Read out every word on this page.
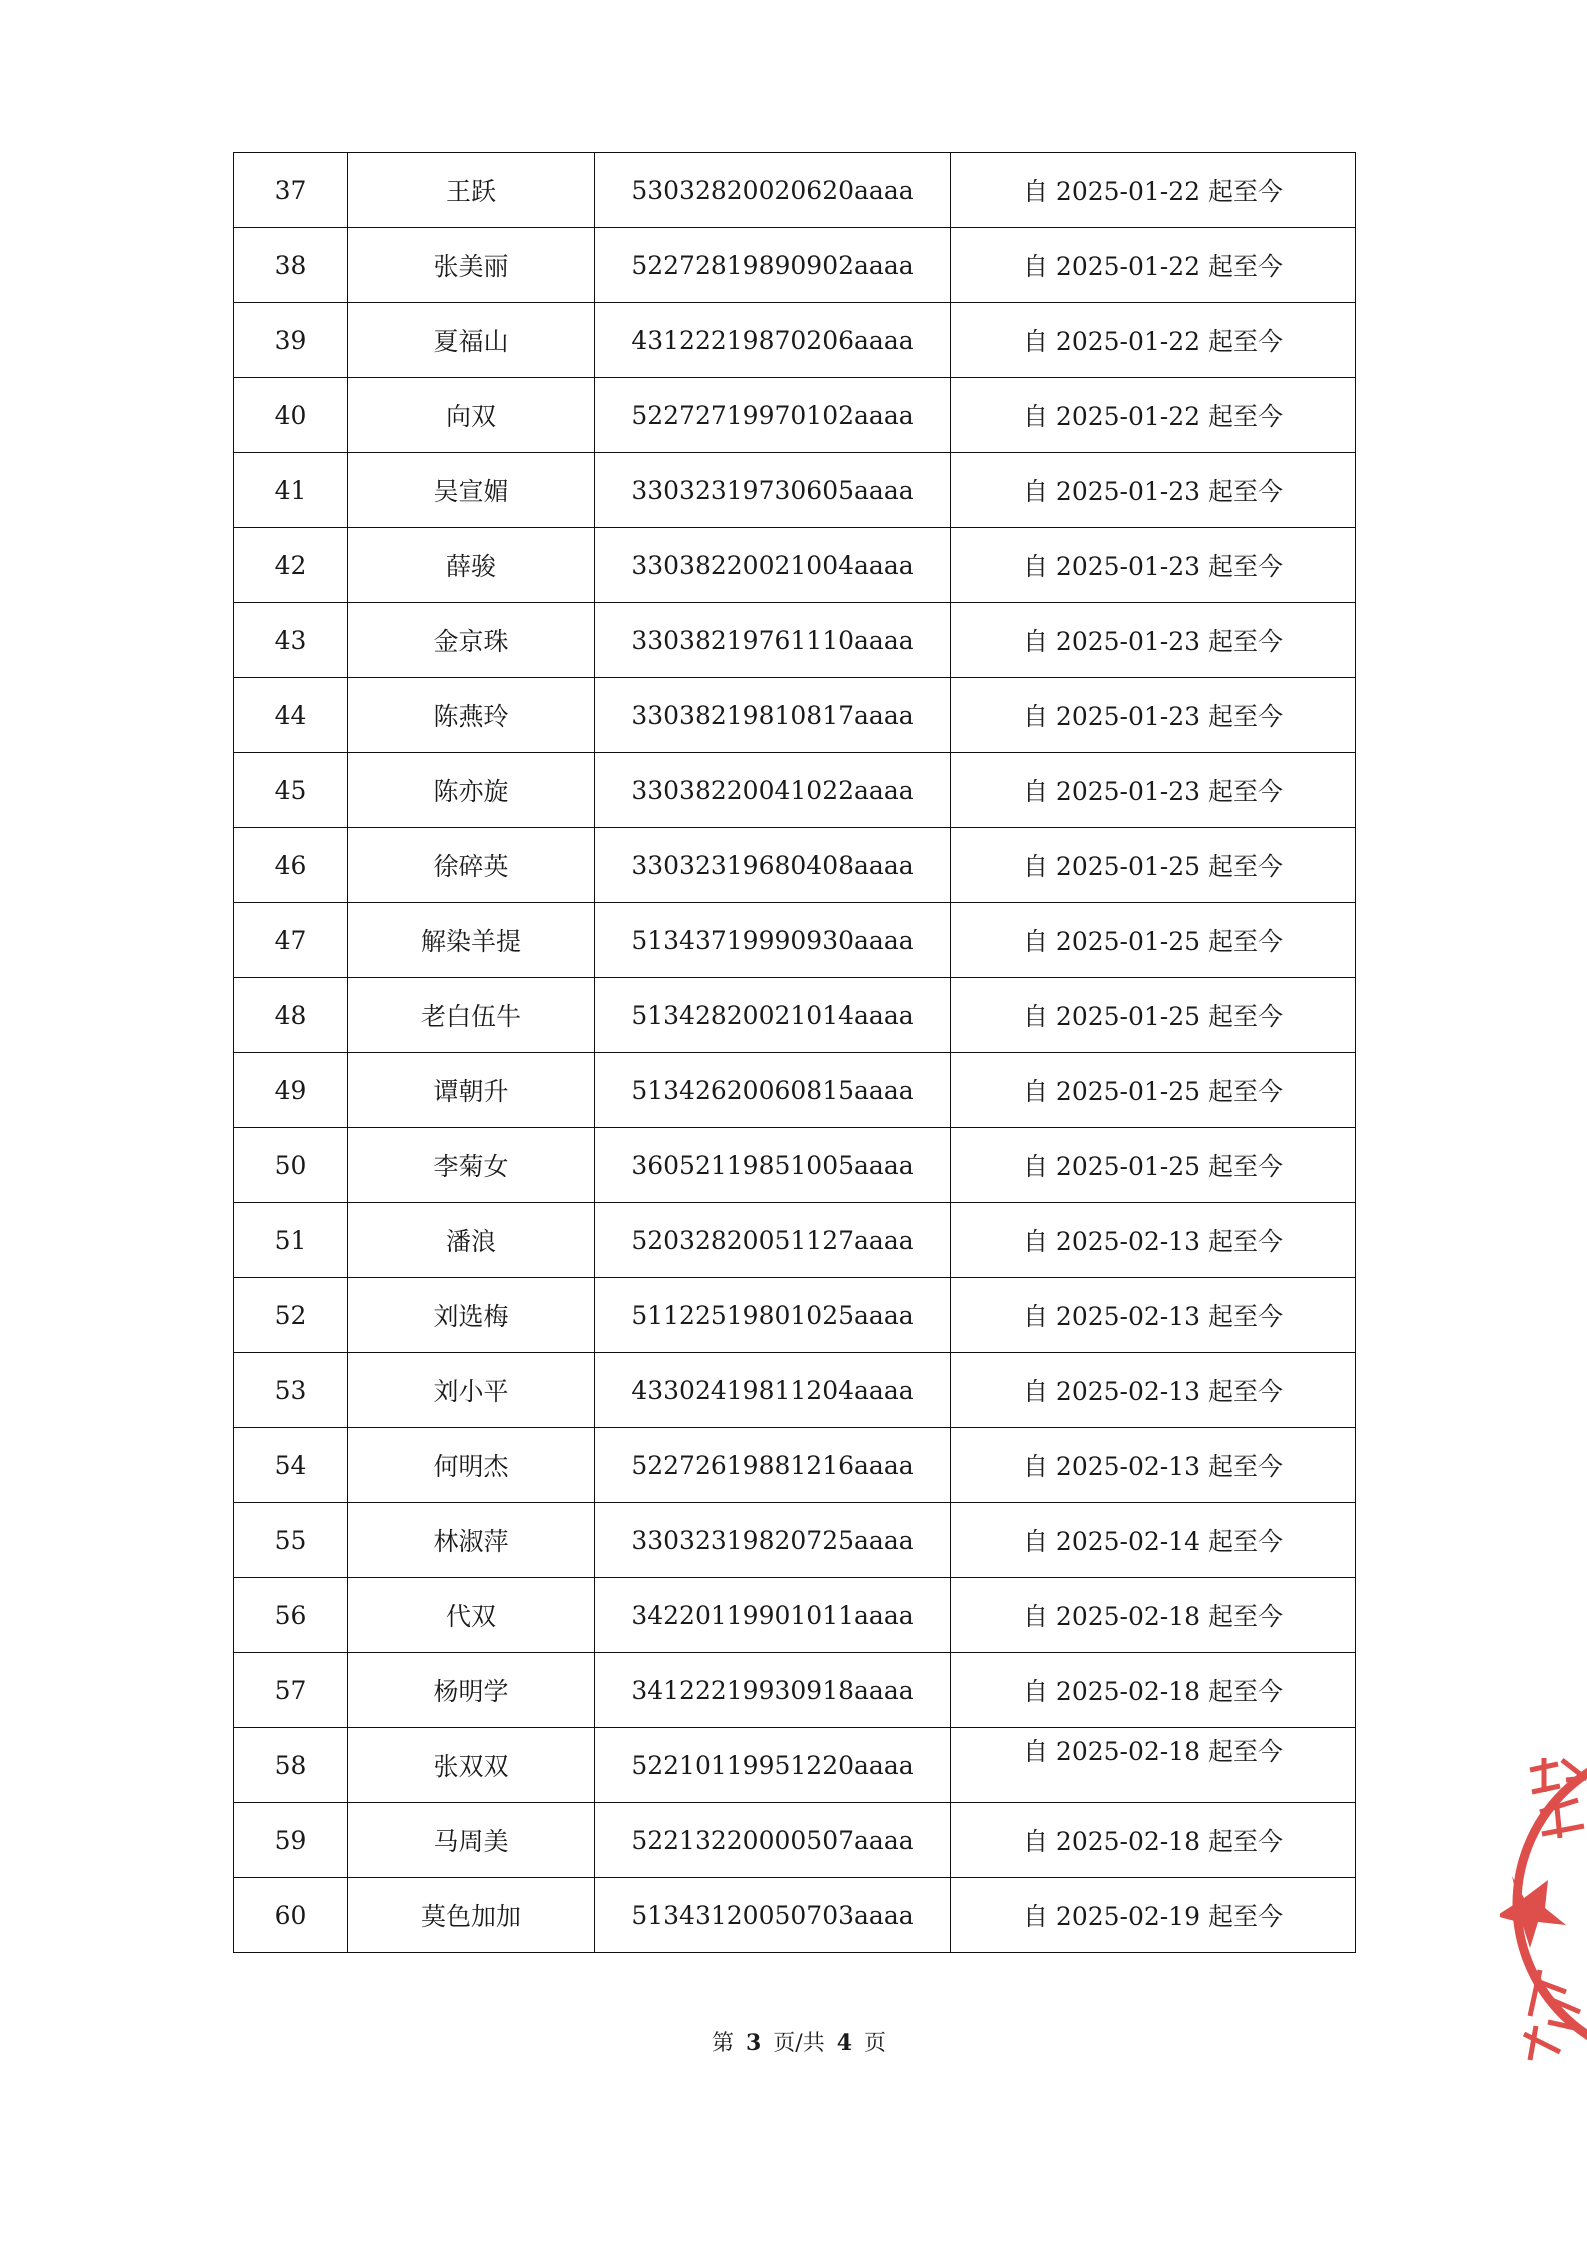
37	王跃	53032820020620aaaa	自 2025-01-22 起至今
38	张美丽	52272819890902aaaa	自 2025-01-22 起至今
39	夏福山	43122219870206aaaa	自 2025-01-22 起至今
40	向双	52272719970102aaaa	自 2025-01-22 起至今
41	吴宣媚	33032319730605aaaa	自 2025-01-23 起至今
42	薛骏	33038220021004aaaa	自 2025-01-23 起至今
43	金京珠	33038219761110aaaa	自 2025-01-23 起至今
44	陈燕玲	33038219810817aaaa	自 2025-01-23 起至今
45	陈亦旋	33038220041022aaaa	自 2025-01-23 起至今
46	徐碎英	33032319680408aaaa	自 2025-01-25 起至今
47	解染羊提	51343719990930aaaa	自 2025-01-25 起至今
48	老白伍牛	51342820021014aaaa	自 2025-01-25 起至今
49	谭朝升	51342620060815aaaa	自 2025-01-25 起至今
50	李菊女	36052119851005aaaa	自 2025-01-25 起至今
51	潘浪	52032820051127aaaa	自 2025-02-13 起至今
52	刘选梅	51122519801025aaaa	自 2025-02-13 起至今
53	刘小平	43302419811204aaaa	自 2025-02-13 起至今
54	何明杰	52272619881216aaaa	自 2025-02-13 起至今
55	林淑萍	33032319820725aaaa	自 2025-02-14 起至今
56	代双	34220119901011aaaa	自 2025-02-18 起至今
57	杨明学	34122219930918aaaa	自 2025-02-18 起至今
58	张双双	52210119951220aaaa	自 2025-02-18 起至今
59	马周美	52213220000507aaaa	自 2025-02-18 起至今
60	莫色加加	51343120050703aaaa	自 2025-02-19 起至今
第 3 页/共 4 页
